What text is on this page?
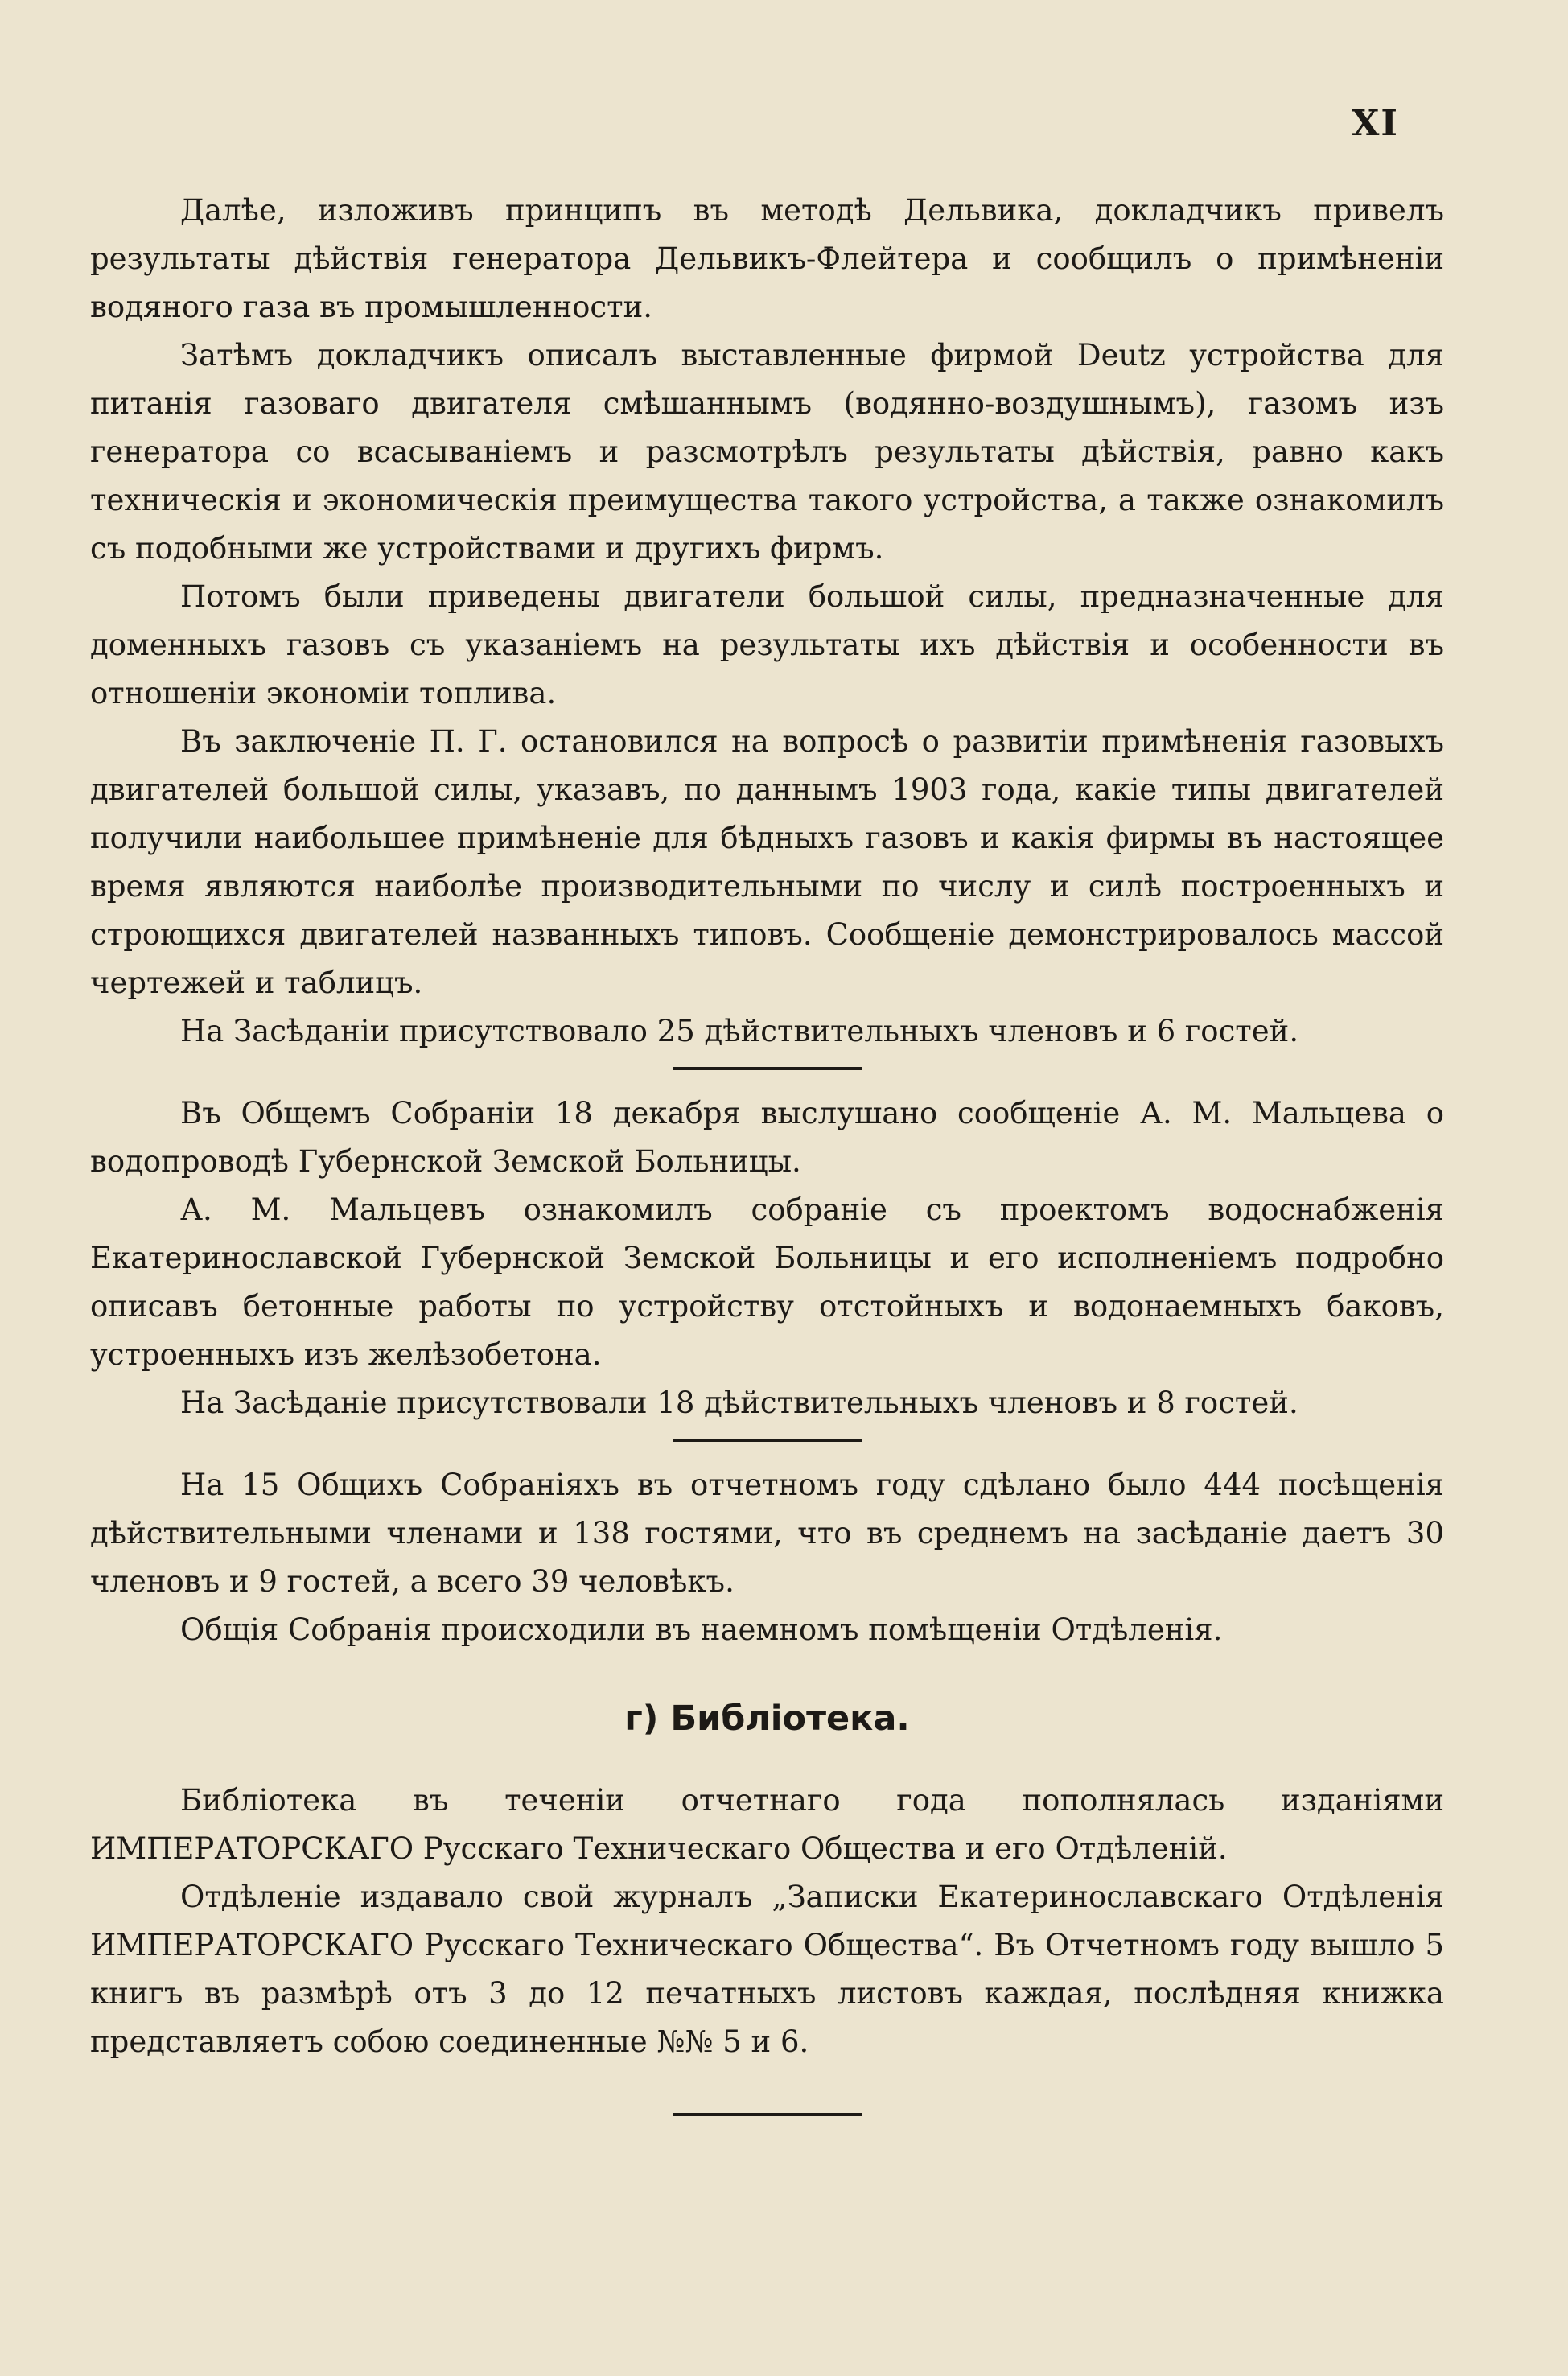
XI

Далѣе, изложивъ принципъ въ методѣ Дельвика, докладчикъ привелъ результаты дѣйствія генератора Дельвикъ-Флейтера и сообщилъ о примѣненіи водяного газа въ промышленности.

Затѣмъ докладчикъ описалъ выставленные фирмой Deutz устройства для питанія газоваго двигателя смѣшаннымъ (водянно-воздушнымъ), газомъ изъ генератора со всасываніемъ и разсмотрѣлъ результаты дѣйствія, равно какъ техническія и экономическія преимущества такого устройства, а также ознакомилъ съ подобными же устройствами и другихъ фирмъ.

Потомъ были приведены двигатели большой силы, предназначенные для доменныхъ газовъ съ указаніемъ на результаты ихъ дѣйствія и особенности въ отношеніи экономіи топлива.

Въ заключеніе П. Г. остановился на вопросѣ о развитіи примѣненія газовыхъ двигателей большой силы, указавъ, по даннымъ 1903 года, какіе типы двигателей получили наибольшее примѣненіе для бѣдныхъ газовъ и какія фирмы въ настоящее время являются наиболѣе производительными по числу и силѣ построенныхъ и строющихся двигателей названныхъ типовъ. Сообщеніе демонстрировалось массой чертежей и таблицъ.

На Засѣданіи присутствовало 25 дѣйствительныхъ членовъ и 6 гостей.

Въ Общемъ Собраніи 18 декабря выслушано сообщеніе А. М. Мальцева о водопроводѣ Губернской Земской Больницы.

А. М. Мальцевъ ознакомилъ собраніе съ проектомъ водоснабженія Екатеринославской Губернской Земской Больницы и его исполненіемъ подробно описавъ бетонные работы по устройству отстойныхъ и водонаемныхъ баковъ, устроенныхъ изъ желѣзобетона.

На Засѣданіе присутствовали 18 дѣйствительныхъ членовъ и 8 гостей.

На 15 Общихъ Собраніяхъ въ отчетномъ году сдѣлано было 444 посѣщенія дѣйствительными членами и 138 гостями, что въ среднемъ на засѣданіе даетъ 30 членовъ и 9 гостей, а всего 39 человѣкъ.

Общія Собранія происходили въ наемномъ помѣщеніи Отдѣленія.

г) Библіотека.

Библіотека въ теченіи отчетнаго года пополнялась изданіями ИМПЕРАТОРСКАГО Русскаго Техническаго Общества и его Отдѣленій.

Отдѣленіе издавало свой журналъ „Записки Екатеринославскаго Отдѣленія ИМПЕРАТОРСКАГО Русскаго Техническаго Общества“. Въ Отчетномъ году вышло 5 книгъ въ размѣрѣ отъ 3 до 12 печатныхъ листовъ каждая, послѣдняя книжка представляетъ собою соединенные №№ 5 и 6.
